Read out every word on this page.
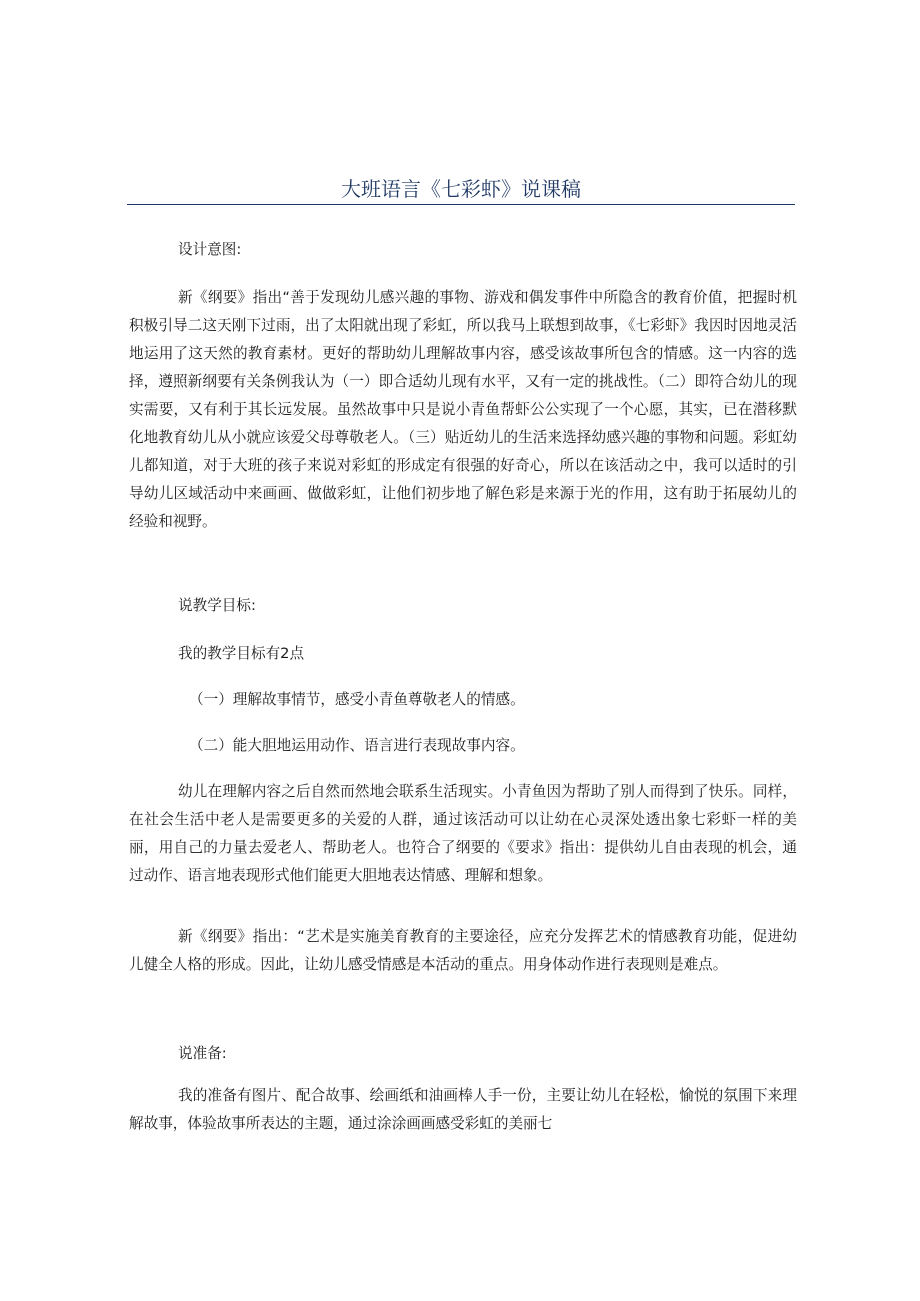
大班语言《七彩虾》说课稿

设计意图:

新《纲要》指出“善于发现幼儿感兴趣的事物、游戏和偶发事件中所隐含的教育价值，把握时机积极引导二这天刚下过雨，出了太阳就出现了彩虹，所以我马上联想到故事，《七彩虾》我因时因地灵活地运用了这天然的教育素材。更好的帮助幼儿理解故事内容，感受该故事所包含的情感。这一内容的选择，遵照新纲要有关条例我认为（一）即合适幼儿现有水平，又有一定的挑战性。（二）即符合幼儿的现实需要，又有利于其长远发展。虽然故事中只是说小青鱼帮虾公公实现了一个心愿，其实，已在潜移默化地教育幼儿从小就应该爱父母尊敬老人。（三）贴近幼儿的生活来选择幼感兴趣的事物和问题。彩虹幼儿都知道，对于大班的孩子来说对彩虹的形成定有很强的好奇心，所以在该活动之中，我可以适时的引导幼儿区域活动中来画画、做做彩虹，让他们初步地了解色彩是来源于光的作用，这有助于拓展幼儿的经验和视野。

说教学目标:

我的教学目标有2点

（一）理解故事情节，感受小青鱼尊敬老人的情感。

（二）能大胆地运用动作、语言进行表现故事内容。

幼儿在理解内容之后自然而然地会联系生活现实。小青鱼因为帮助了别人而得到了快乐。同样，在社会生活中老人是需要更多的关爱的人群，通过该活动可以让幼在心灵深处透出象七彩虾一样的美丽，用自己的力量去爱老人、帮助老人。也符合了纲要的《要求》指出：提供幼儿自由表现的机会，通过动作、语言地表现形式他们能更大胆地表达情感、理解和想象。

新《纲要》指出：“艺术是实施美育教育的主要途径，应充分发挥艺术的情感教育功能，促进幼儿健全人格的形成。因此，让幼儿感受情感是本活动的重点。用身体动作进行表现则是难点。

说准备:

我的准备有图片、配合故事、绘画纸和油画棒人手一份，主要让幼儿在轻松，愉悦的氛围下来理解故事，体验故事所表达的主题，通过涂涂画画感受彩虹的美丽七
